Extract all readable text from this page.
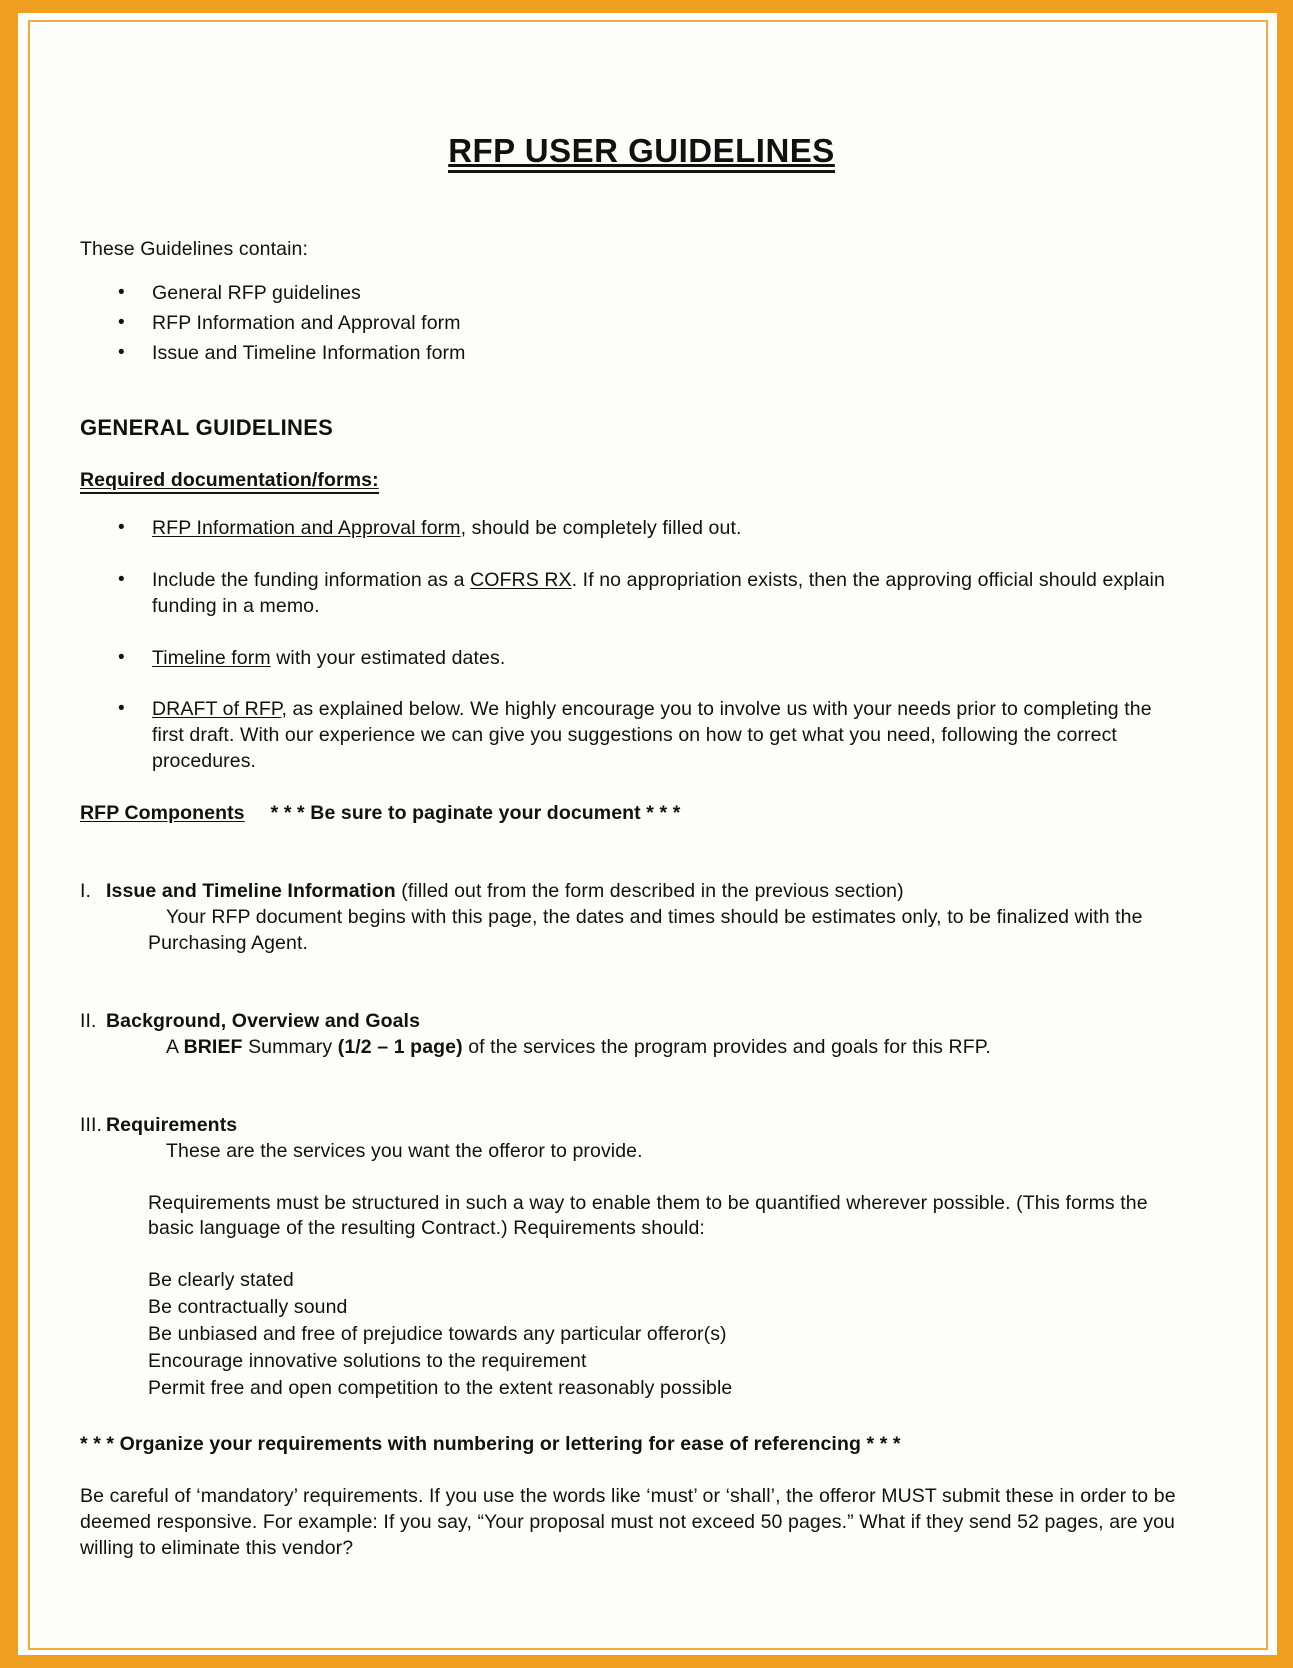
RFP USER GUIDELINES

These Guidelines contain:

• General RFP guidelines
• RFP Information and Approval form
• Issue and Timeline Information form
GENERAL GUIDELINES
Required documentation/forms:
• RFP Information and Approval form, should be completely filled out.
• Include the funding information as a COFRS RX. If no appropriation exists, then the approving official should explain funding in a memo.
• Timeline form with your estimated dates.
• DRAFT of RFP, as explained below. We highly encourage you to involve us with your needs prior to completing the first draft. With our experience we can give you suggestions on how to get what you need, following the correct procedures.

RFP Components * * * Be sure to paginate your document * * *

I. Issue and Timeline Information (filled out from the form described in the previous section)

Your RFP document begins with this page, the dates and times should be estimates only, to be finalized with the Purchasing Agent.

II. Background, Overview and Goals

A BRIEF Summary (1/2 – 1 page) of the services the program provides and goals for this RFP.

III. Requirements

These are the services you want the offeror to provide.

Requirements must be structured in such a way to enable them to be quantified wherever possible. (This forms the basic language of the resulting Contract.) Requirements should:

Be clearly stated
Be contractually sound
Be unbiased and free of prejudice towards any particular offeror(s)
Encourage innovative solutions to the requirement
Permit free and open competition to the extent reasonably possible

* * * Organize your requirements with numbering or lettering for ease of referencing * * *

Be careful of ‘mandatory’ requirements. If you use the words like ‘must’ or ‘shall’, the offeror MUST submit these in order to be deemed responsive. For example: If you say, “Your proposal must not exceed 50 pages.” What if they send 52 pages, are you willing to eliminate this vendor?
